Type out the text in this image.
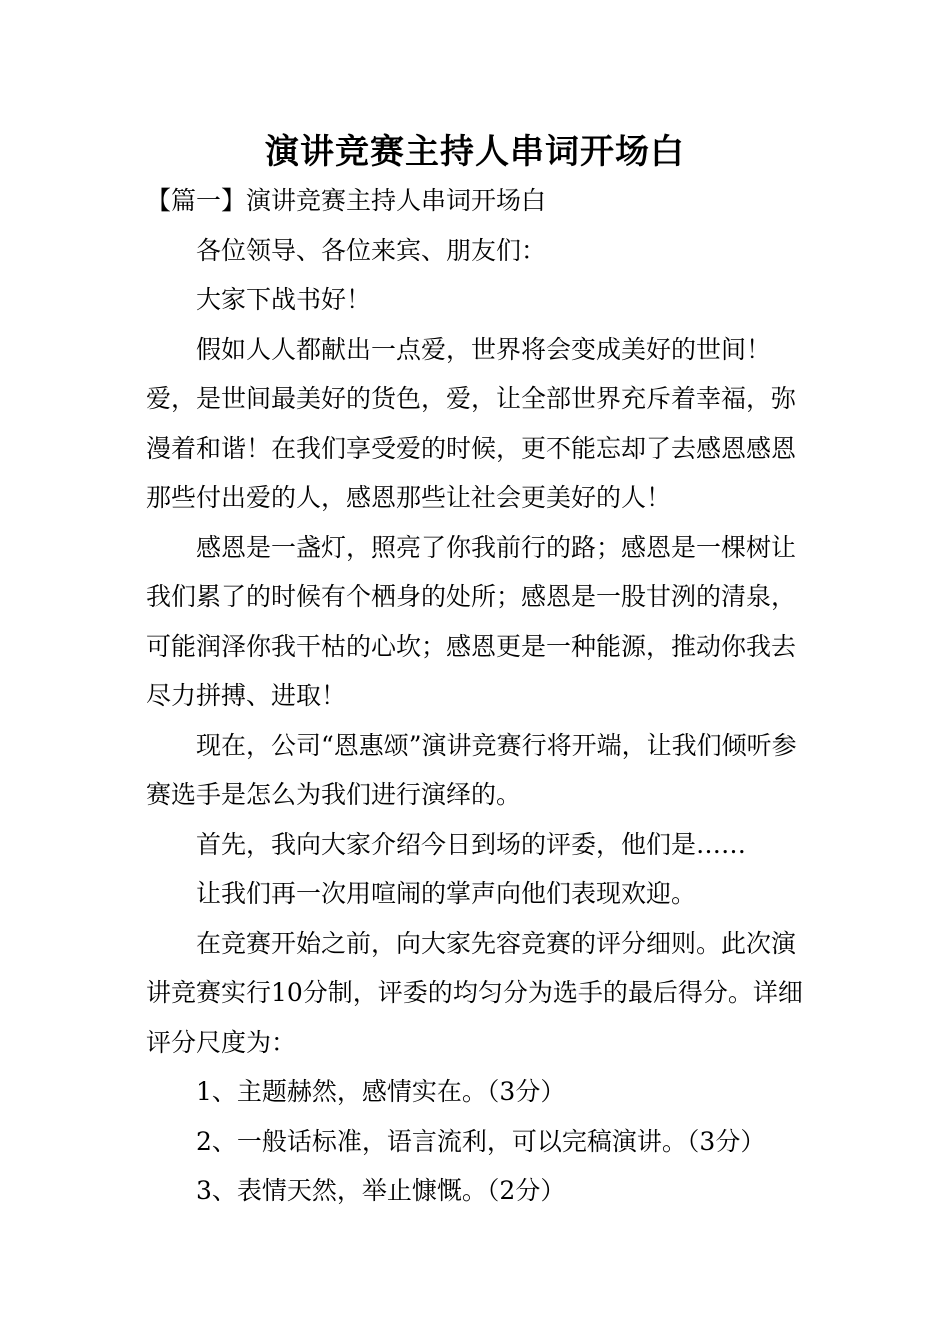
演讲竞赛主持人串词开场白

【篇一】演讲竞赛主持人串词开场白

各位领导、各位来宾、朋友们：

大家下战书好！

假如人人都献出一点爱，世界将会变成美好的世间！爱，是世间最美好的货色，爱，让全部世界充斥着幸福，弥漫着和谐！在我们享受爱的时候，更不能忘却了去感恩感恩那些付出爱的人，感恩那些让社会更美好的人！

感恩是一盏灯，照亮了你我前行的路；感恩是一棵树让我们累了的时候有个栖身的处所；感恩是一股甘洌的清泉，可能润泽你我干枯的心坎；感恩更是一种能源，推动你我去尽力拼搏、进取！

现在，公司“恩惠颂”演讲竞赛行将开端，让我们倾听参赛选手是怎么为我们进行演绎的。

首先，我向大家介绍今日到场的评委，他们是……

让我们再一次用喧闹的掌声向他们表现欢迎。

在竞赛开始之前，向大家先容竞赛的评分细则。此次演讲竞赛实行10分制，评委的均匀分为选手的最后得分。详细评分尺度为：

1、主题赫然，感情实在。（3分）

2、一般话标准，语言流利，可以完稿演讲。（3分）

3、表情天然，举止慷慨。（2分）
